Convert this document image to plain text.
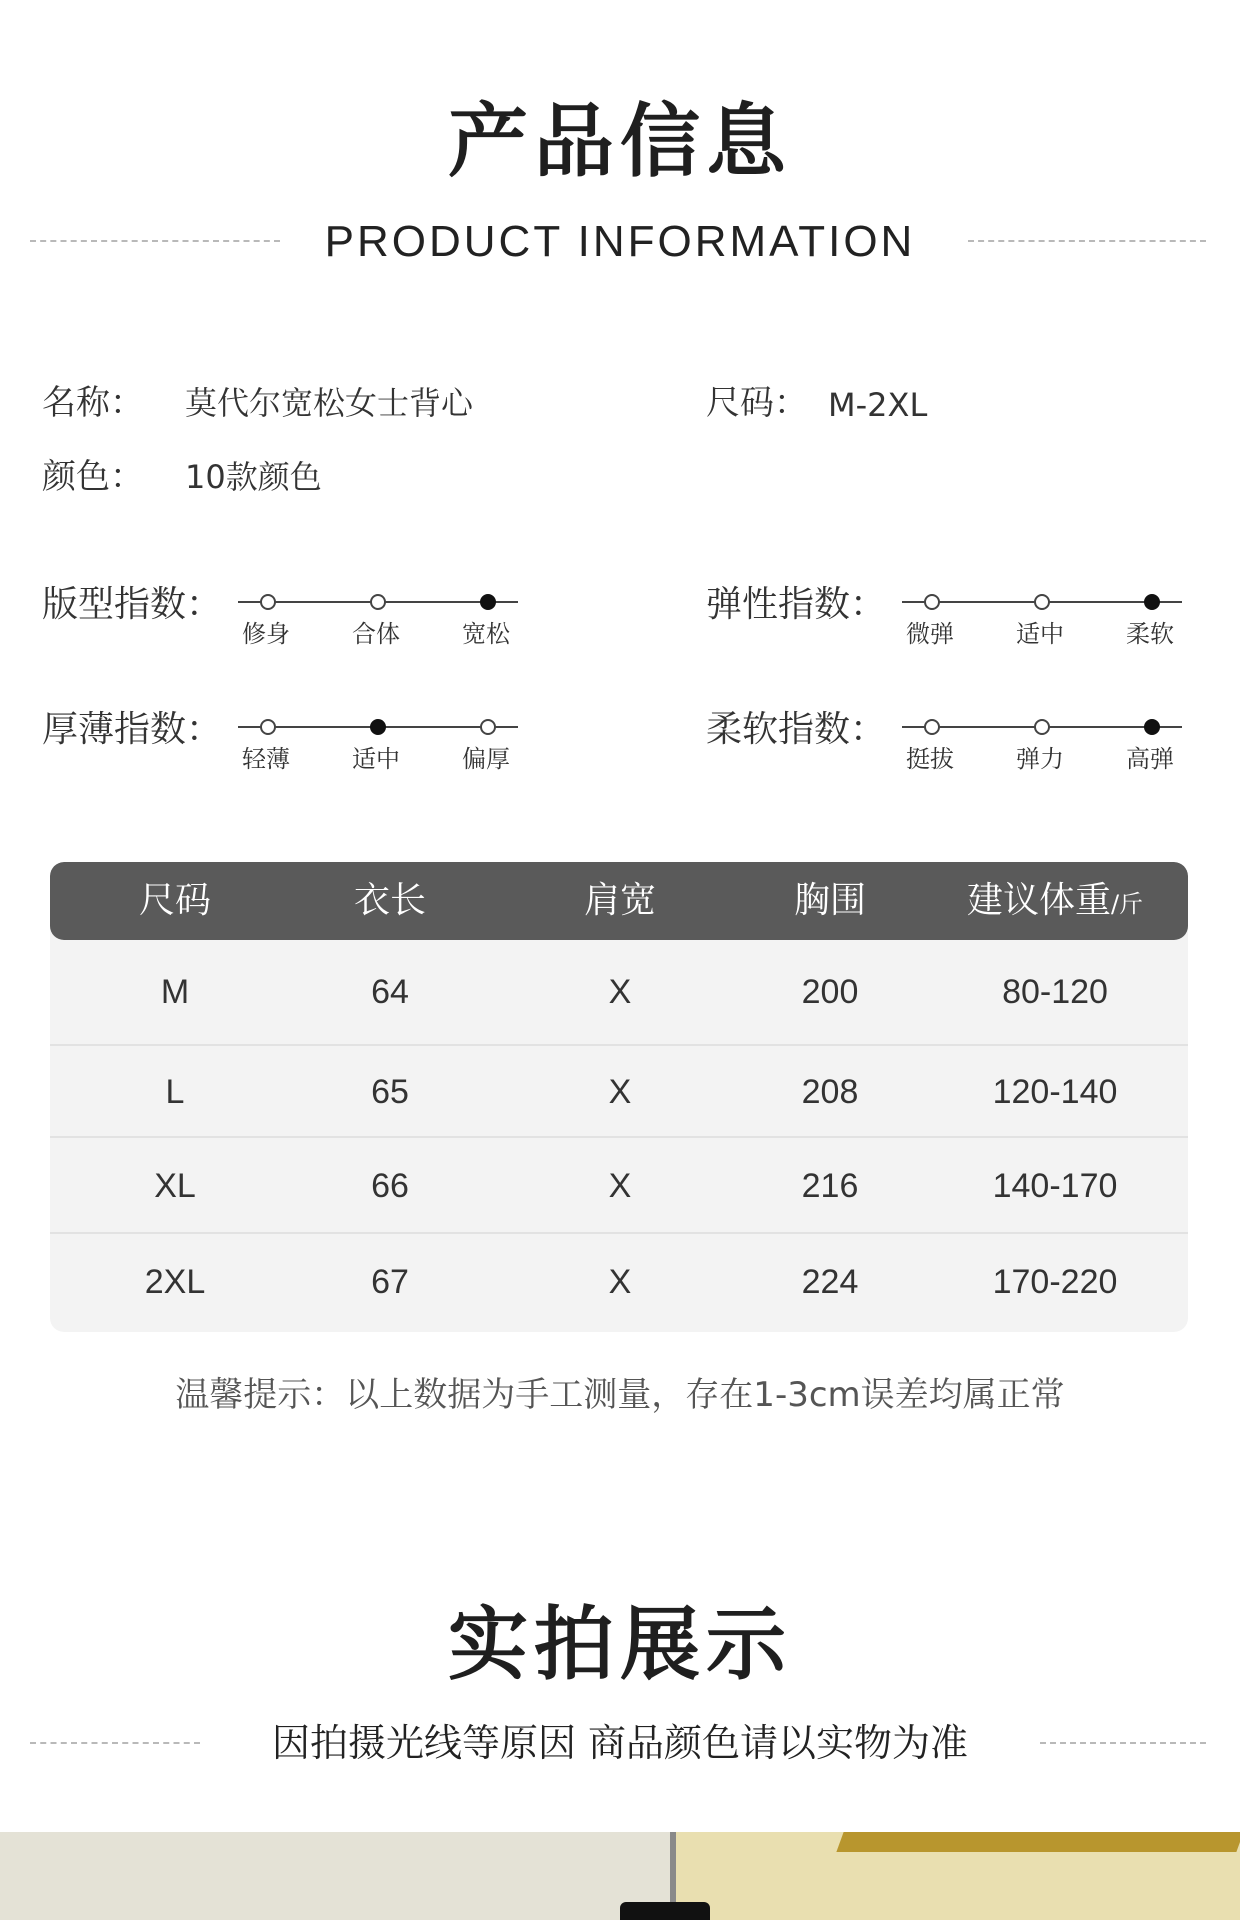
产品信息
PRODUCT INFORMATION
名称： 莫代尔宽松女士背心	尺码： M-2XL
颜色： 10款颜色
版型指数：
修身	合体	宽松
弹性指数：
微弹	适中	柔软
厚薄指数：
轻薄	适中	偏厚
柔软指数：
挺拔	弹力	高弹
尺码	衣长	肩宽	胸围	建议体重/斤
M	64	X	200	80-120
L	65	X	208	120-140
XL	66	X	216	140-170
2XL	67	X	224	170-220
温馨提示：以上数据为手工测量，存在1-3cm误差均属正常
实拍展示
因拍摄光线等原因 商品颜色请以实物为准
